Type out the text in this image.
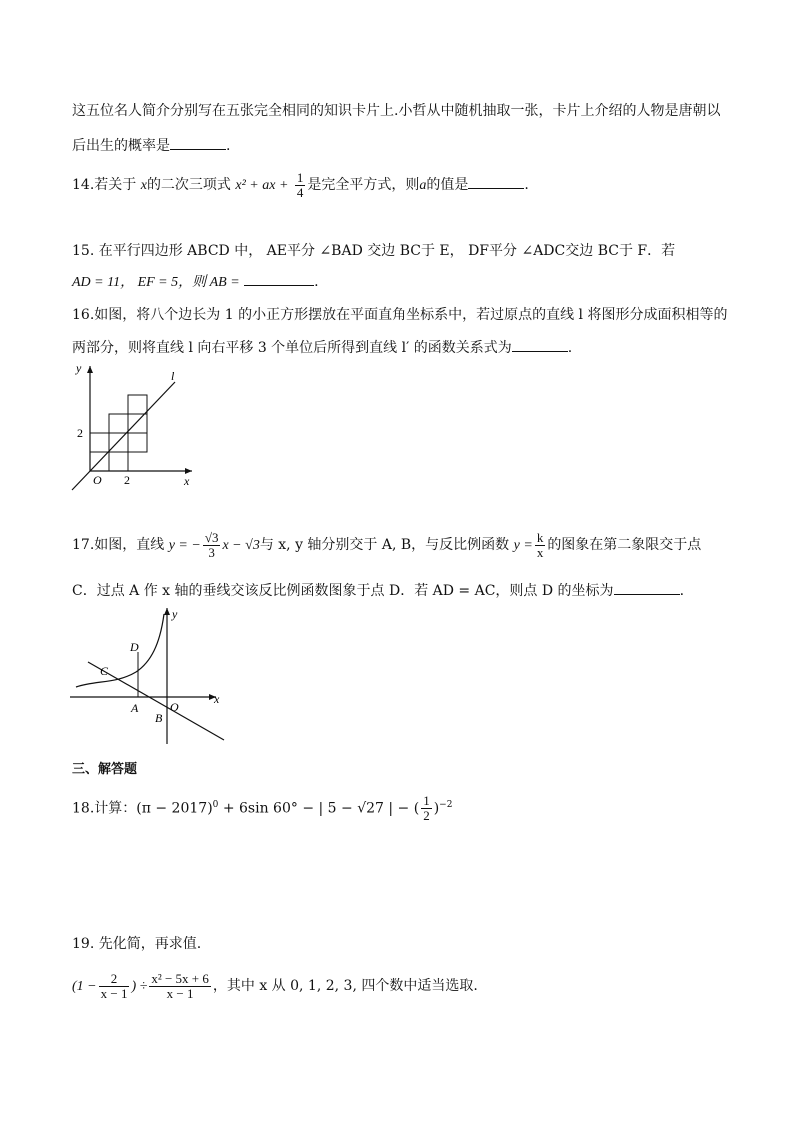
这五位名人简介分别写在五张完全相同的知识卡片上.小哲从中随机抽取一张，卡片上介绍的人物是唐朝以
后出生的概率是	.
14.若关于 x的二次三项式 x² + ax + $\frac{1}{4}$ 是完全平方式，则a的值是	.
15. 在平行四边形 ABCD 中， AE平分 ∠BAD 交边 BC于 E， DF平分 ∠ADC交边 BC于 F．若
AD = 11， EF = 5，则 AB =	.
16.如图，将八个边长为 1 的小正方形摆放在平面直角坐标系中，若过原点的直线 l 将图形分成面积相等的
两部分，则将直线 l 向右平移 3 个单位后所得到直线 l′ 的函数关系式为	.
y
x
O
l
2
2
17.如图，直线 y = − $\frac{√3}{3}$ x − √3与 x, y 轴分别交于 A, B，与反比例函数 $y = \frac{k}{x}$ 的图象在第二象限交于点
C．过点 A 作 x 轴的垂线交该反比例函数图象于点 D．若 AD = AC，则点 D 的坐标为	.
y
x
O
A
B
C
D
三、解答题
18.计算：$(\pi - 2017)^0 + 6\sin$ 60° − | 5 − √27 | − ( $\frac{1}{2} )^{-2}$
19. 先化简，再求值.
($1 - \frac{2}{x - 1}$ ) ÷ $\frac{\text{x² − 5x + 6}}{x - 1}$ ，其中 x 从 0, 1, 2, 3, 四个数中适当选取.
